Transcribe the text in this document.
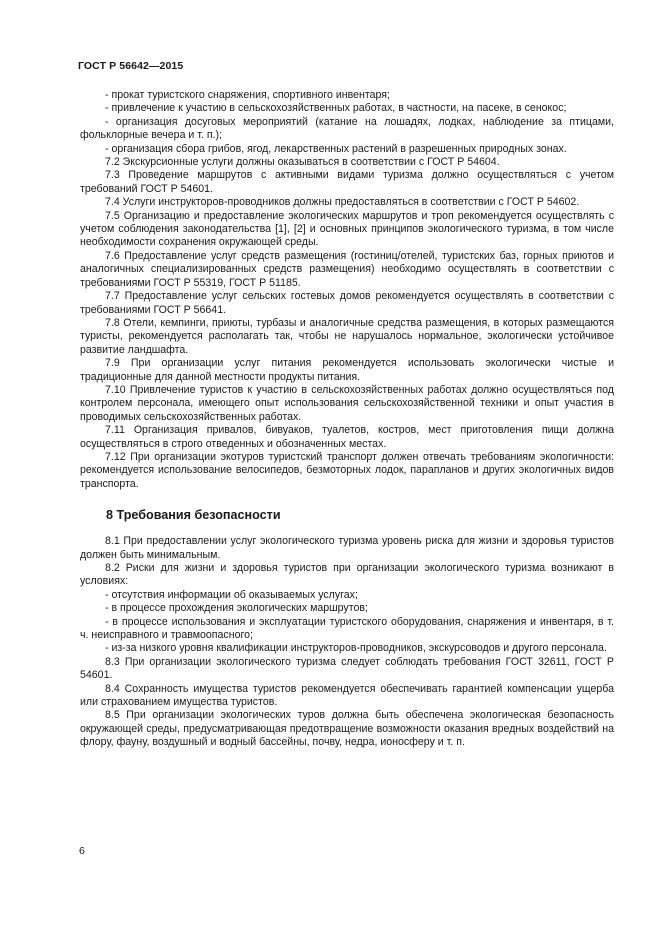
ГОСТ Р 56642—2015

- прокат туристского снаряжения, спортивного инвентаря;

- привлечение к участию в сельскохозяйственных работах, в частности, на пасеке, в сенокос;

- организация досуговых мероприятий (катание на лошадях, лодках, наблюдение за птицами, фольклорные вечера и т. п.);

- организация сбора грибов, ягод, лекарственных растений в разрешенных природных зонах.

7.2 Экскурсионные услуги должны оказываться в соответствии с ГОСТ Р 54604.

7.3 Проведение маршрутов с активными видами туризма должно осуществляться с учетом требований ГОСТ Р 54601.

7.4 Услуги инструкторов-проводников должны предоставляться в соответствии с ГОСТ Р 54602.

7.5 Организацию и предоставление экологических маршрутов и троп рекомендуется осуществлять с учетом соблюдения законодательства [1], [2] и основных принципов экологического туризма, в том числе необходимости сохранения окружающей среды.

7.6 Предоставление услуг средств размещения (гостиниц/отелей, туристских баз, горных приютов и аналогичных специализированных средств размещения) необходимо осуществлять в соответствии с требованиями ГОСТ Р 55319, ГОСТ Р 51185.

7.7 Предоставление услуг сельских гостевых домов рекомендуется осуществлять в соответствии с требованиями ГОСТ Р 56641.

7.8 Отели, кемпинги, приюты, турбазы и аналогичные средства размещения, в которых размещаются туристы, рекомендуется располагать так, чтобы не нарушалось нормальное, экологически устойчивое развитие ландшафта.

7.9 При организации услуг питания рекомендуется использовать экологически чистые и традиционные для данной местности продукты питания.

7.10 Привлечение туристов к участию в сельскохозяйственных работах должно осуществляться под контролем персонала, имеющего опыт использования сельскохозяйственной техники и опыт участия в проводимых сельскохозяйственных работах.

7.11 Организация привалов, бивуаков, туалетов, костров, мест приготовления пищи должна осуществляться в строго отведенных и обозначенных местах.

7.12 При организации экотуров туристский транспорт должен отвечать требованиям экологичности: рекомендуется использование велосипедов, безмоторных лодок, парапланов и других экологичных видов транспорта.

8 Требования безопасности

8.1 При предоставлении услуг экологического туризма уровень риска для жизни и здоровья туристов должен быть минимальным.

8.2 Риски для жизни и здоровья туристов при организации экологического туризма возникают в условиях:

- отсутствия информации об оказываемых услугах;

- в процессе прохождения экологических маршрутов;

- в процессе использования и эксплуатации туристского оборудования, снаряжения и инвентаря, в т. ч. неисправного и травмоопасного;

- из-за низкого уровня квалификации инструкторов-проводников, экскурсоводов и другого персонала.

8.3 При организации экологического туризма следует соблюдать требования ГОСТ 32611, ГОСТ Р 54601.

8.4 Сохранность имущества туристов рекомендуется обеспечивать гарантией компенсации ущерба или страхованием имущества туристов.

8.5 При организации экологических туров должна быть обеспечена экологическая безопасность окружающей среды, предусматривающая предотвращение возможности оказания вредных воздействий на флору, фауну, воздушный и водный бассейны, почву, недра, ионосферу и т. п.

6
